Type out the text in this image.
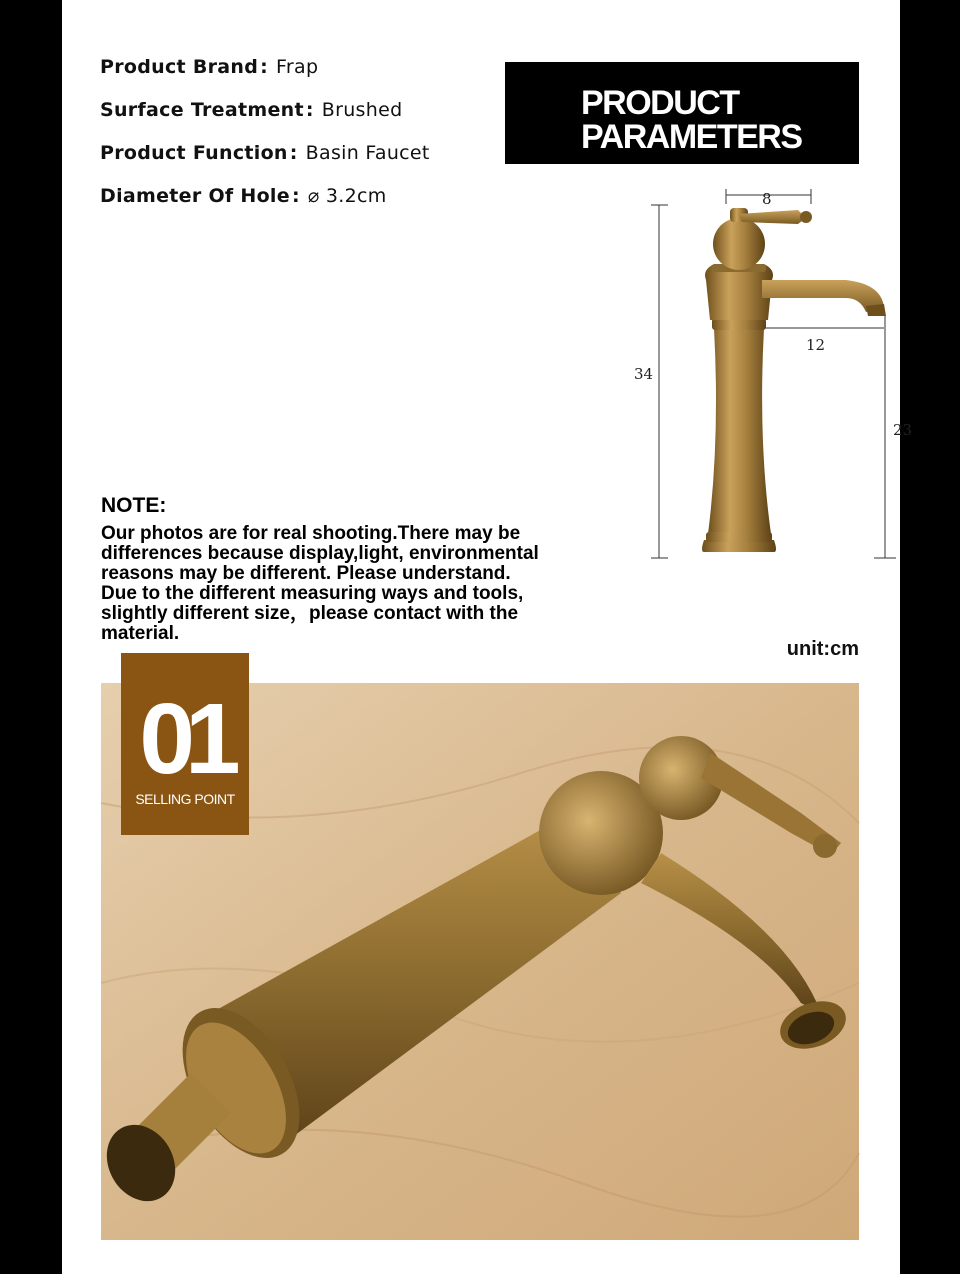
Product Brand : Frap
Surface Treatment : Brushed
Product Function : Basin Faucet
Diameter Of Hole : ⌀ 3.2cm
PRODUCT
PARAMETERS
8
12
34
23
NOTE:
Our photos are for real shooting.There may be
differences because display,light, environmental
reasons may be different. Please understand.
Due to the different measuring ways and tools,
slightly different size，please contact with the
material.
unit:cm
01
SELLING POINT
